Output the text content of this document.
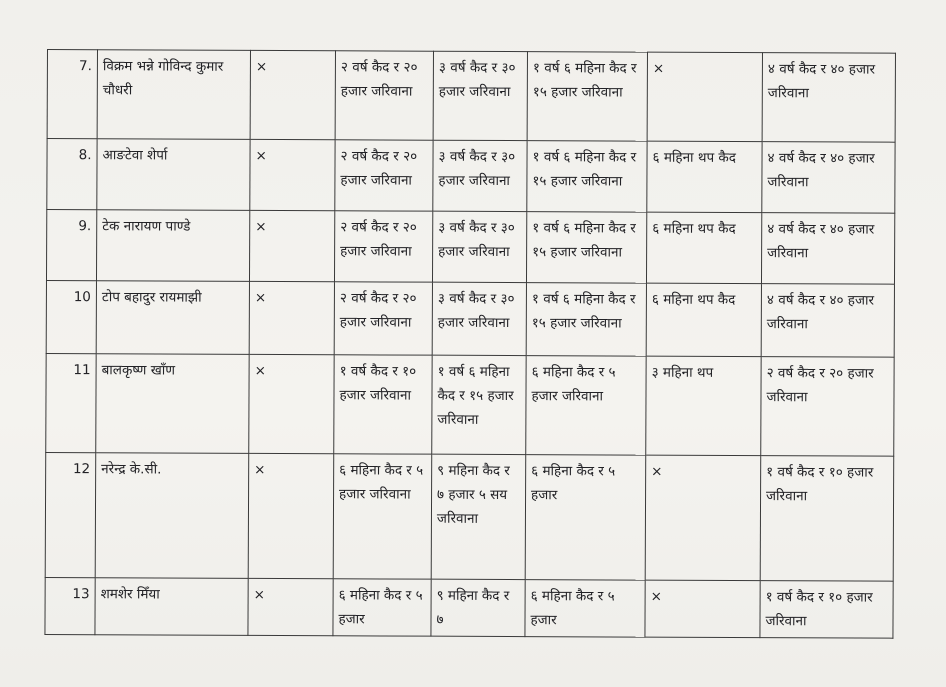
7.	विक्रम भन्ने गोविन्द कुमार चौधरी	×	२ वर्ष कैद र २० हजार जरिवाना	३ वर्ष कैद र ३० हजार जरिवाना	१ वर्ष ६ महिना कैद र १५ हजार जरिवाना	×	४ वर्ष कैद र ४० हजार जरिवाना
8.	आङटेवा शेर्पा	×	२ वर्ष कैद र २० हजार जरिवाना	३ वर्ष कैद र ३० हजार जरिवाना	१ वर्ष ६ महिना कैद र १५ हजार जरिवाना	६ महिना थप कैद	४ वर्ष कैद र ४० हजार जरिवाना
9.	टेक नारायण पाण्डे	×	२ वर्ष कैद र २० हजार जरिवाना	३ वर्ष कैद र ३० हजार जरिवाना	१ वर्ष ६ महिना कैद र १५ हजार जरिवाना	६ महिना थप कैद	४ वर्ष कैद र ४० हजार जरिवाना
10	टोप बहादुर रायमाझी	×	२ वर्ष कैद र २० हजार जरिवाना	३ वर्ष कैद र ३० हजार जरिवाना	१ वर्ष ६ महिना कैद र १५ हजार जरिवाना	६ महिना थप कैद	४ वर्ष कैद र ४० हजार जरिवाना
11	बालकृष्ण खाँण	×	१ वर्ष कैद र १० हजार जरिवाना	१ वर्ष ६ महिना कैद र १५ हजार जरिवाना	६ महिना कैद र ५ हजार जरिवाना	३ महिना थप	२ वर्ष कैद र २० हजार जरिवाना
12	नरेन्द्र के.सी.	×	६ महिना कैद र ५ हजार जरिवाना	९ महिना कैद र ७ हजार ५ सय जरिवाना	६ महिना कैद र ५ हजार	×	१ वर्ष कैद र १० हजार जरिवाना
13	शमशेर मिँया	×	६ महिना कैद र ५ हजार	९ महिना कैद र ७	६ महिना कैद र ५ हजार	×	१ वर्ष कैद र १० हजार जरिवाना
